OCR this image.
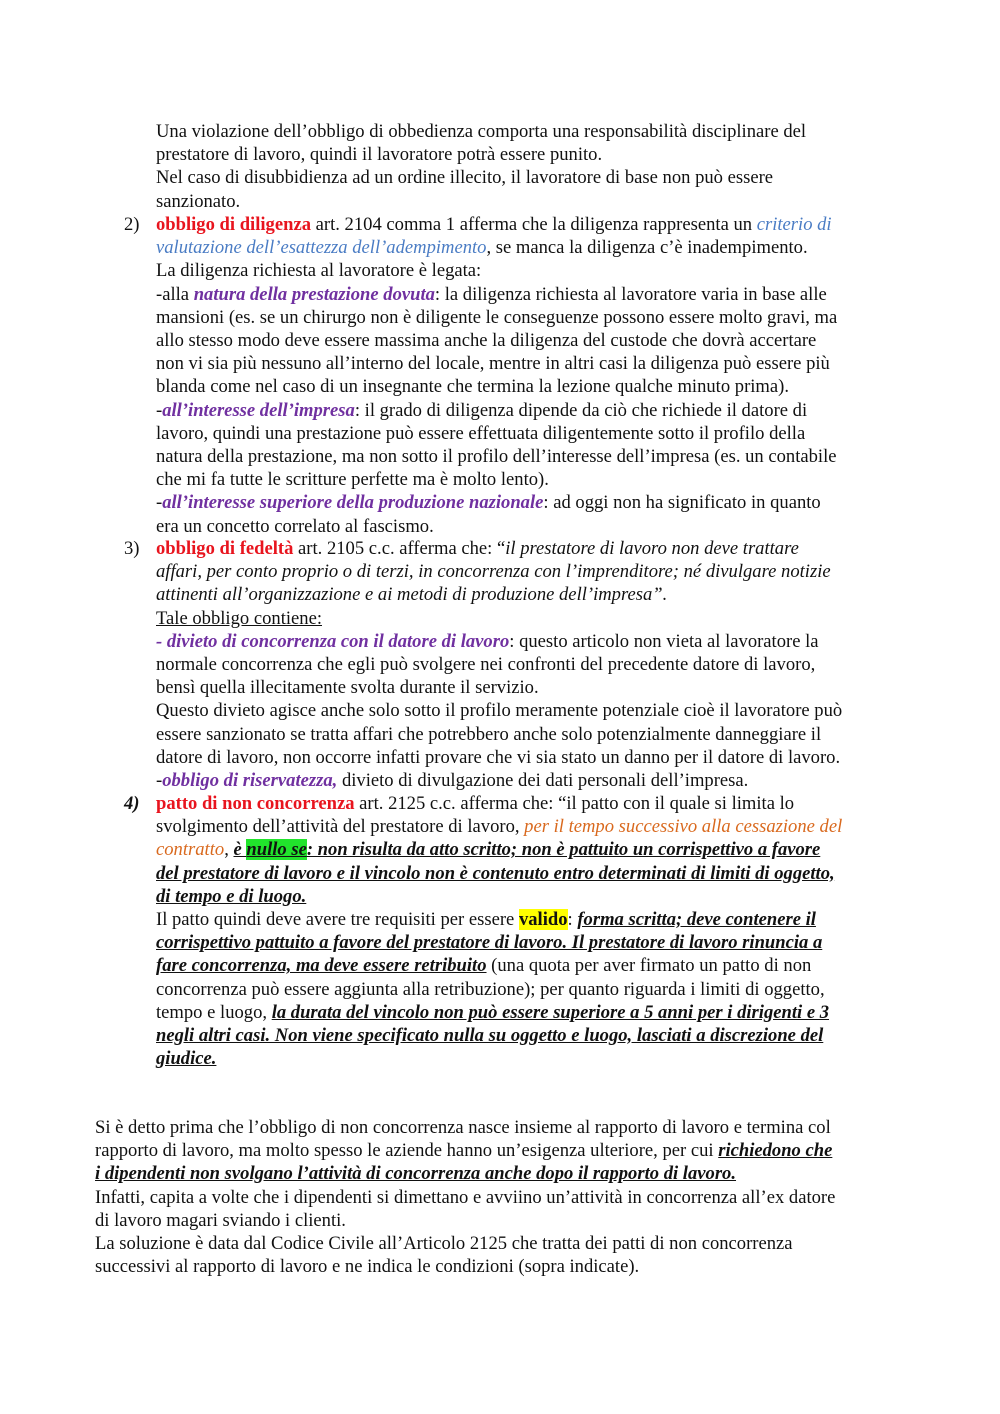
Una violazione dell’obbligo di obbedienza comporta una responsabilità disciplinare del
prestatore di lavoro, quindi il lavoratore potrà essere punito.
Nel caso di disubbidienza ad un ordine illecito, il lavoratore di base non può essere
sanzionato.
2) obbligo di diligenza art. 2104 comma 1 afferma che la diligenza rappresenta un criterio di
valutazione dell’esattezza dell’adempimento, se manca la diligenza c’è inadempimento.
La diligenza richiesta al lavoratore è legata:
-alla natura della prestazione dovuta: la diligenza richiesta al lavoratore varia in base alle
mansioni (es. se un chirurgo non è diligente le conseguenze possono essere molto gravi, ma
allo stesso modo deve essere massima anche la diligenza del custode che dovrà accertare
non vi sia più nessuno all’interno del locale, mentre in altri casi la diligenza può essere più
blanda come nel caso di un insegnante che termina la lezione qualche minuto prima).
-all’interesse dell’impresa: il grado di diligenza dipende da ciò che richiede il datore di
lavoro, quindi una prestazione può essere effettuata diligentemente sotto il profilo della
natura della prestazione, ma non sotto il profilo dell’interesse dell’impresa (es. un contabile
che mi fa tutte le scritture perfette ma è molto lento).
-all’interesse superiore della produzione nazionale: ad oggi non ha significato in quanto
era un concetto correlato al fascismo.
3) obbligo di fedeltà art. 2105 c.c. afferma che: “il prestatore di lavoro non deve trattare
affari, per conto proprio o di terzi, in concorrenza con l’imprenditore; né divulgare notizie
attinenti all’organizzazione e ai metodi di produzione dell’impresa”.
Tale obbligo contiene:
- divieto di concorrenza con il datore di lavoro: questo articolo non vieta al lavoratore la
normale concorrenza che egli può svolgere nei confronti del precedente datore di lavoro,
bensì quella illecitamente svolta durante il servizio.
Questo divieto agisce anche solo sotto il profilo meramente potenziale cioè il lavoratore può
essere sanzionato se tratta affari che potrebbero anche solo potenzialmente danneggiare il
datore di lavoro, non occorre infatti provare che vi sia stato un danno per il datore di lavoro.
-obbligo di riservatezza, divieto di divulgazione dei dati personali dell’impresa.
4) patto di non concorrenza art. 2125 c.c. afferma che: “il patto con il quale si limita lo
svolgimento dell’attività del prestatore di lavoro, per il tempo successivo alla cessazione del
contratto, è nullo se: non risulta da atto scritto; non è pattuito un corrispettivo a favore
del prestatore di lavoro e il vincolo non è contenuto entro determinati di limiti di oggetto,
di tempo e di luogo.
Il patto quindi deve avere tre requisiti per essere valido: forma scritta; deve contenere il
corrispettivo pattuito a favore del prestatore di lavoro. Il prestatore di lavoro rinuncia a
fare concorrenza, ma deve essere retribuito (una quota per aver firmato un patto di non
concorrenza può essere aggiunta alla retribuzione); per quanto riguarda i limiti di oggetto,
tempo e luogo, la durata del vincolo non può essere superiore a 5 anni per i dirigenti e 3
negli altri casi. Non viene specificato nulla su oggetto e luogo, lasciati a discrezione del
giudice.
Si è detto prima che l’obbligo di non concorrenza nasce insieme al rapporto di lavoro e termina col
rapporto di lavoro, ma molto spesso le aziende hanno un’esigenza ulteriore, per cui richiedono che
i dipendenti non svolgano l’attività di concorrenza anche dopo il rapporto di lavoro.
Infatti, capita a volte che i dipendenti si dimettano e avviino un’attività in concorrenza all’ex datore
di lavoro magari sviando i clienti.
La soluzione è data dal Codice Civile all’Articolo 2125 che tratta dei patti di non concorrenza
successivi al rapporto di lavoro e ne indica le condizioni (sopra indicate).
